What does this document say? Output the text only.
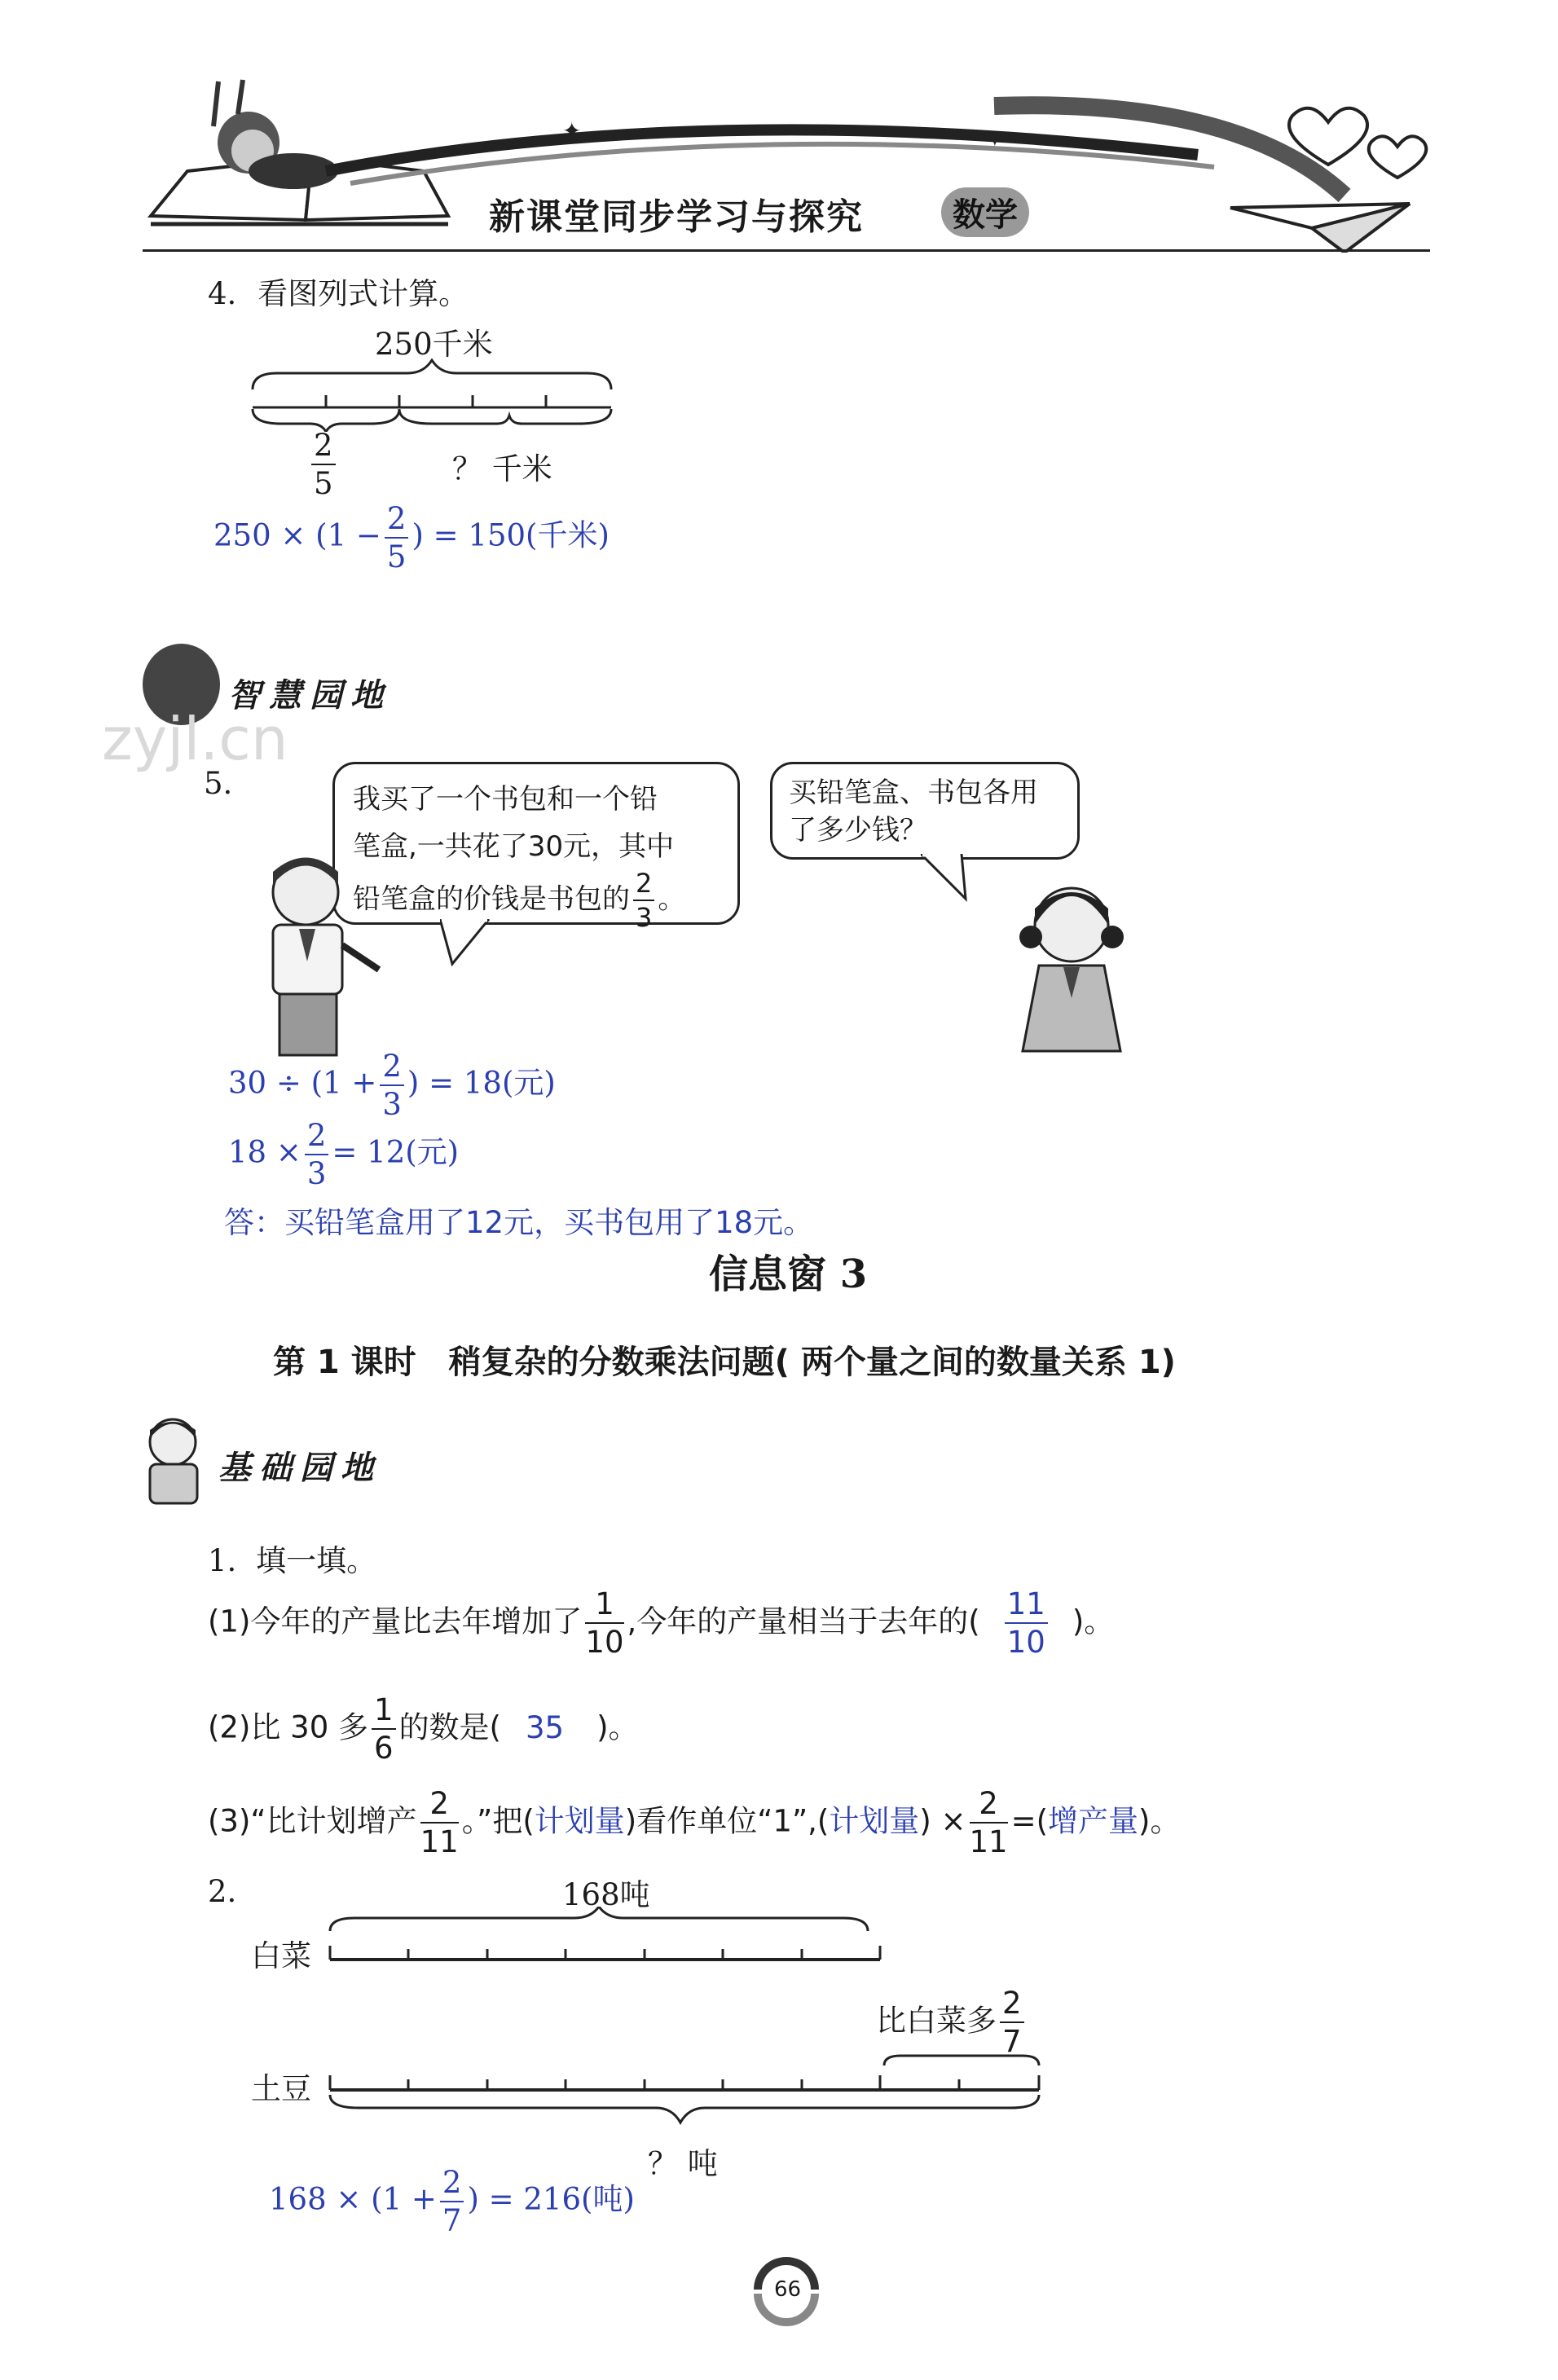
✦	✦
新课堂同步学习与探究	数学
4. 看图列式计算。
250千米
$\frac{2}{5}$	？ 千米
$250 \times (1 - \frac{2}{5}$ ) = 150(千米)
智慧园地
zyjl.cn
5.	我买了一个书包和一个铅
笔盒,一共花了30元，其中
铅笔盒的价钱是书包的 $\frac{2}{3}$ 。
买铅笔盒、书包各用
了多少钱？
$30 \div (1 + \frac{2}{3}$ ) = 18(元)
$18 \times \frac{2}{3} = 12$(元)
答：买铅笔盒用了12元，买书包用了18元。
信息窗 3
第 1 课时　稍复杂的分数乘法问题( 两个量之间的数量关系 1)
基础园地
1. 填一填。
(1)今年的产量比去年增加了 $\frac{1}{10}$ ,今年的产量相当于去年的( $\frac{11}{10}$ )。
(2)比 30 多 $\frac{1}{6}$ 的数是( 35 )。
(3)“比计划增产 $\frac{2}{11}$ 。”把(计划量)看作单位“1”,(计划量) × $\frac{2}{11}$ =(增产量)。
2.	168吨
白菜
比白菜多 $\frac{2}{7}$
土豆
？ 吨
$168 \times (1 + \frac{2}{7}$ ) = 216(吨)
66
